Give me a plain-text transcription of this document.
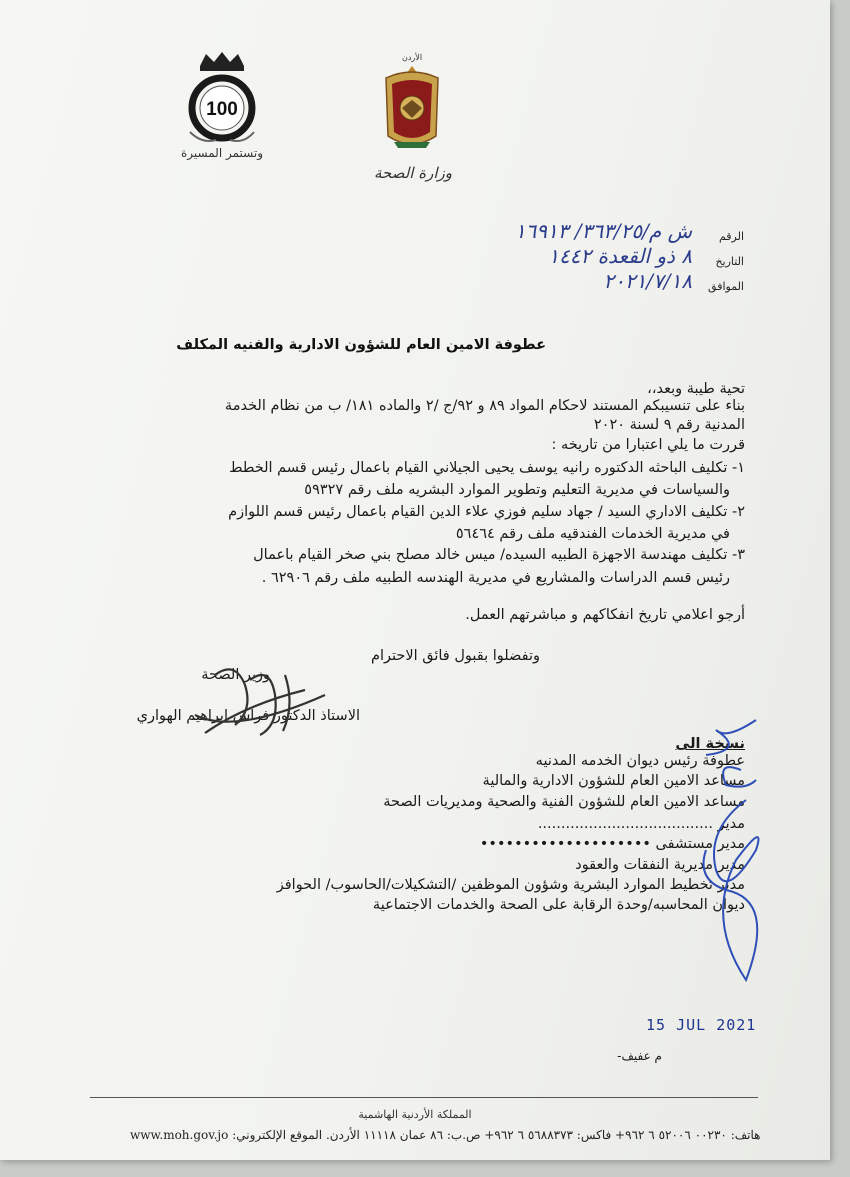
100
وتستمر المسيرة
الأردن
وزارة الصحة
ش م/٣٦٣/٢٥/ ١٦٩١٣	الرقم
٨ ذو القعدة ١٤٤٢	التاريخ
٢٠٢١/٧/١٨	الموافق
عطوفة الامين العام للشؤون الادارية والفنيه المكلف
تحية طيبة وبعد،،
بناء على تنسيبكم المستند لاحكام المواد ٨٩ و ٩٢/ج /٢ والماده ١٨١/ ب من نظام الخدمة
المدنية رقم ٩ لسنة ٢٠٢٠
قررت ما يلي اعتبارا من تاريخه :
١- تكليف الباحثه الدكتوره رانيه يوسف يحيى الجيلاني القيام باعمال رئيس قسم الخطط
والسياسات في مديرية التعليم وتطوير الموارد البشريه ملف رقم ٥٩٣٢٧
٢- تكليف الاداري السيد / جهاد سليم فوزي علاء الدين القيام باعمال رئيس قسم اللوازم
في مديرية الخدمات الفندقيه ملف رقم ٥٦٤٦٤
٣- تكليف مهندسة الاجهزة الطبيه السيده/ ميس خالد مصلح بني صخر القيام باعمال
رئيس قسم الدراسات والمشاريع في مديرية الهندسه الطبيه ملف رقم ٦٢٩٠٦ .
أرجو اعلامي تاريخ انفكاكهم و مباشرتهم العمل.
وتفضلوا بقبول فائق الاحترام
وزير الصحة
الاستاذ الدكتور فراس ابراهيم الهواري
نسخة الى
عطوفة رئيس ديوان الخدمه المدنيه
مساعد الامين العام للشؤون الادارية والمالية
مساعد الامين العام للشؤون الفنية والصحية ومديريات الصحة
مدير ......................................
مدير مستشفى ••••••••••••••••••••
مدير مديرية النفقات والعقود
مدير تخطيط الموارد البشرية وشؤون الموظفين /التشكيلات/الحاسوب/ الحوافز
ديوان المحاسبه/وحدة الرقابة على الصحة والخدمات الاجتماعية
15 JUL 2021
م عفيف-
المملكة الأردنية الهاشمية
هاتف: ٠٠٢٣٠ ٥٢٠٠٦ ٦ ٩٦٢+ فاكس: ٥٦٨٨٣٧٣ ٦ ٩٦٢+ ص.ب: ٨٦ عمان ١١١١٨ الأردن. الموقع الإلكتروني: www.moh.gov.jo
